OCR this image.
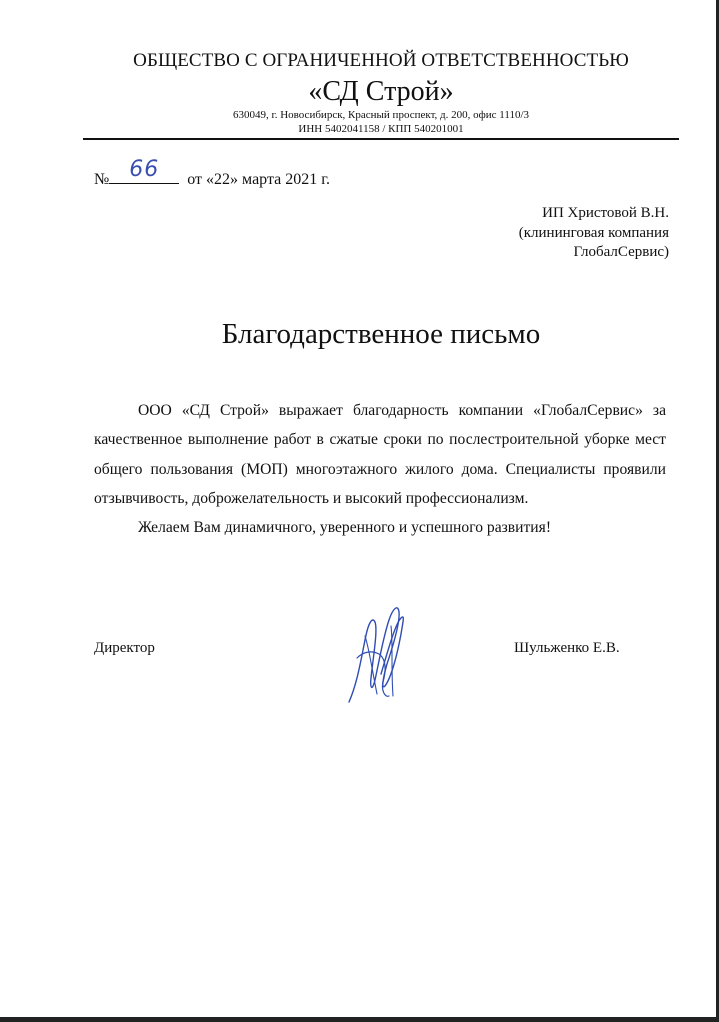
ОБЩЕСТВО С ОГРАНИЧЕННОЙ ОТВЕТСТВЕННОСТЬЮ
«СД Строй»
630049, г. Новосибирск, Красный проспект, д. 200, офис 1110/3
ИНН 5402041158 / КПП 540201001
№ 66	от «22» марта 2021 г.
ИП Христовой В.Н.
(клининговая компания
ГлобалСервис)
Благодарственное письмо

ООО «СД Строй» выражает благодарность компании «ГлобалСервис» за качественное выполнение работ в сжатые сроки по послестроительной уборке мест общего пользования (МОП) многоэтажного жилого дома. Специалисты проявили отзывчивость, доброжелательность и высокий профессионализм.

Желаем Вам динамичного, уверенного и успешного развития!

Директор	Шульженко Е.В.
